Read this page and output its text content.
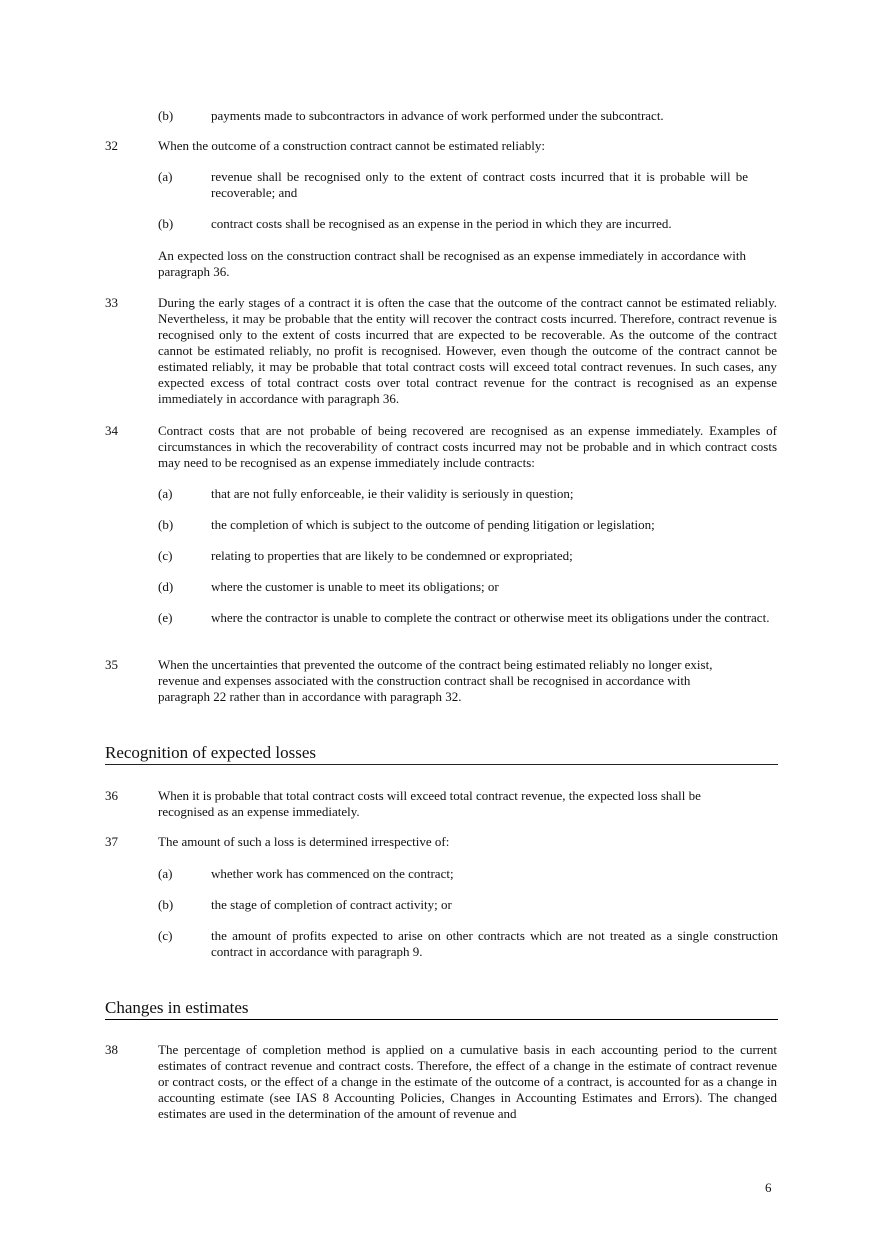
(b)	payments made to subcontractors in advance of work performed under the subcontract.
32	When the outcome of a construction contract cannot be estimated reliably:
(a)	revenue shall be recognised only to the extent of contract costs incurred that it is probable will be recoverable; and
(b)	contract costs shall be recognised as an expense in the period in which they are incurred.
An expected loss on the construction contract shall be recognised as an expense immediately in accordance with paragraph 36.
33	During the early stages of a contract it is often the case that the outcome of the contract cannot be estimated reliably. Nevertheless, it may be probable that the entity will recover the contract costs incurred. Therefore, contract revenue is recognised only to the extent of costs incurred that are expected to be recoverable. As the outcome of the contract cannot be estimated reliably, no profit is recognised. However, even though the outcome of the contract cannot be estimated reliably, it may be probable that total contract costs will exceed total contract revenues. In such cases, any expected excess of total contract costs over total contract revenue for the contract is recognised as an expense immediately in accordance with paragraph 36.
34	Contract costs that are not probable of being recovered are recognised as an expense immediately. Examples of circumstances in which the recoverability of contract costs incurred may not be probable and in which contract costs may need to be recognised as an expense immediately include contracts:
(a)	that are not fully enforceable, ie their validity is seriously in question;
(b)	the completion of which is subject to the outcome of pending litigation or legislation;
(c)	relating to properties that are likely to be condemned or expropriated;
(d)	where the customer is unable to meet its obligations; or
(e)	where the contractor is unable to complete the contract or otherwise meet its obligations under the contract.
35	When the uncertainties that prevented the outcome of the contract being estimated reliably no longer exist, revenue and expenses associated with the construction contract shall be recognised in accordance with paragraph 22 rather than in accordance with paragraph 32.
Recognition of expected losses
36	When it is probable that total contract costs will exceed total contract revenue, the expected loss shall be recognised as an expense immediately.
37	The amount of such a loss is determined irrespective of:
(a)	whether work has commenced on the contract;
(b)	the stage of completion of contract activity; or
(c)	the amount of profits expected to arise on other contracts which are not treated as a single construction contract in accordance with paragraph 9.
Changes in estimates
38	The percentage of completion method is applied on a cumulative basis in each accounting period to the current estimates of contract revenue and contract costs. Therefore, the effect of a change in the estimate of contract revenue or contract costs, or the effect of a change in the estimate of the outcome of a contract, is accounted for as a change in accounting estimate (see IAS 8 Accounting Policies, Changes in Accounting Estimates and Errors). The changed estimates are used in the determination of the amount of revenue and
6
